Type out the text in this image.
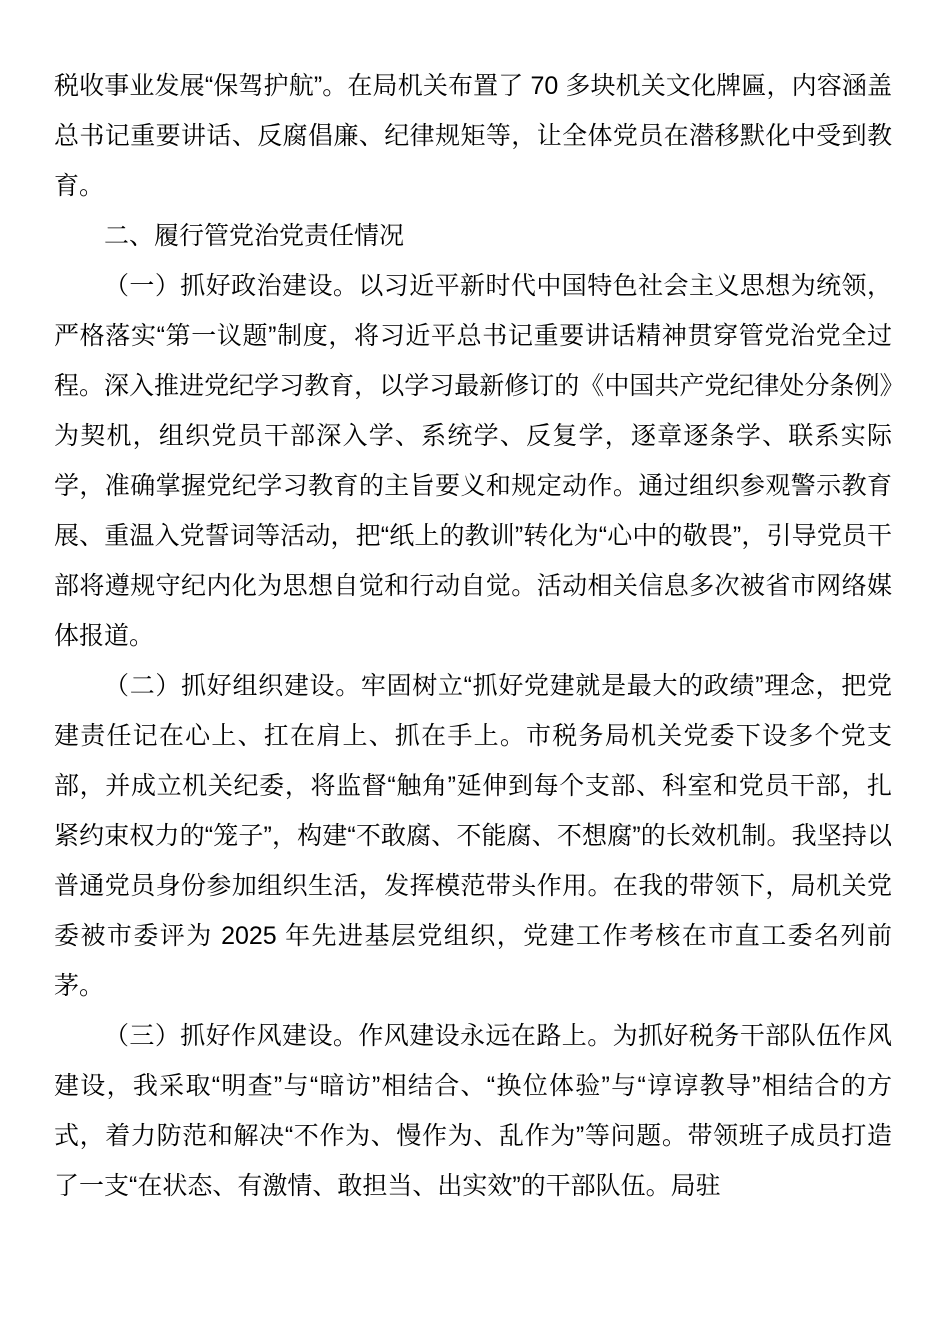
税收事业发展“保驾护航”。在局机关布置了 70 多块机关文化牌匾，内容涵盖总书记重要讲话、反腐倡廉、纪律规矩等，让全体党员在潜移默化中受到教育。

二、履行管党治党责任情况

（一）抓好政治建设。以习近平新时代中国特色社会主义思想为统领，严格落实“第一议题”制度，将习近平总书记重要讲话精神贯穿管党治党全过程。深入推进党纪学习教育，以学习最新修订的《中国共产党纪律处分条例》为契机，组织党员干部深入学、系统学、反复学，逐章逐条学、联系实际学，准确掌握党纪学习教育的主旨要义和规定动作。通过组织参观警示教育展、重温入党誓词等活动，把“纸上的教训”转化为“心中的敬畏”，引导党员干部将遵规守纪内化为思想自觉和行动自觉。活动相关信息多次被省市网络媒体报道。

（二）抓好组织建设。牢固树立“抓好党建就是最大的政绩”理念，把党建责任记在心上、扛在肩上、抓在手上。市税务局机关党委下设多个党支部，并成立机关纪委，将监督“触角”延伸到每个支部、科室和党员干部，扎紧约束权力的“笼子”，构建“不敢腐、不能腐、不想腐”的长效机制。我坚持以普通党员身份参加组织生活，发挥模范带头作用。在我的带领下，局机关党委被市委评为 2025 年先进基层党组织，党建工作考核在市直工委名列前茅。

（三）抓好作风建设。作风建设永远在路上。为抓好税务干部队伍作风建设，我采取“明查”与“暗访”相结合、“换位体验”与“谆谆教导”相结合的方式，着力防范和解决“不作为、慢作为、乱作为”等问题。带领班子成员打造了一支“在状态、有激情、敢担当、出实效”的干部队伍。局驻
